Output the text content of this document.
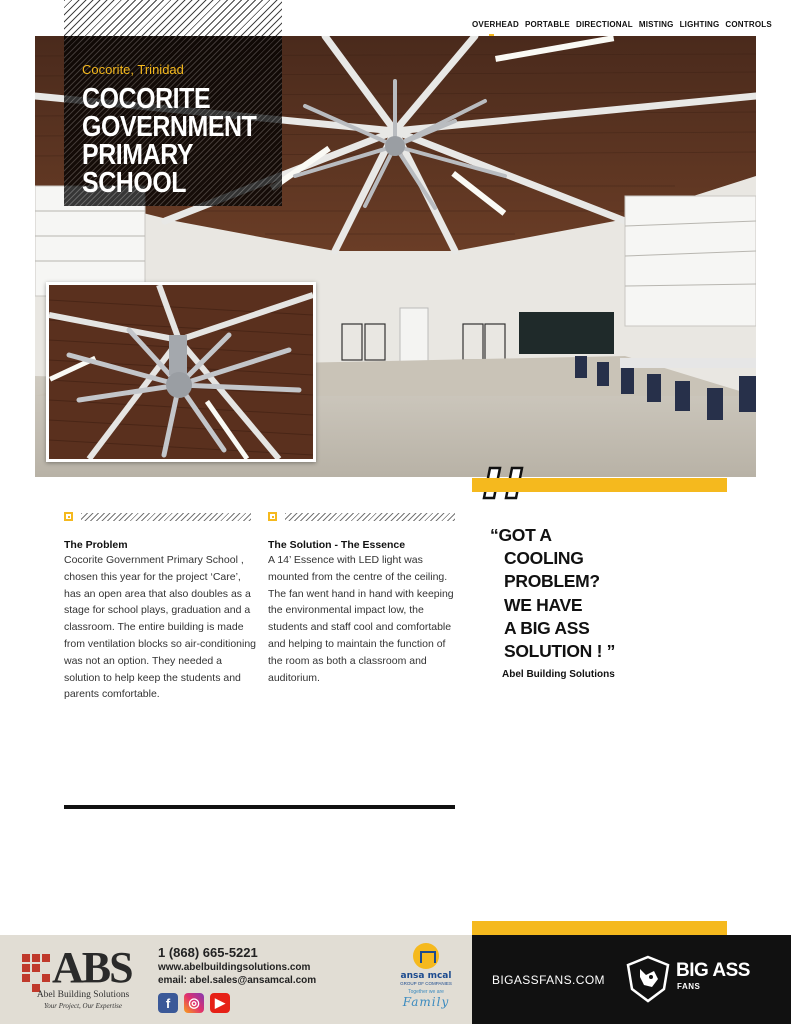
OVERHEAD PORTABLE DIRECTIONAL MISTING LIGHTING CONTROLS
Cocorite, Trinidad
COCORITE
GOVERNMENT
PRIMARY
SCHOOL
The Problem

Cocorite Government Primary School , chosen this year for the project ‘Care’, has an open area that also doubles as a stage for school plays, graduation and a classroom. The entire building is made from ventilation blocks so air-conditioning was not an option. They needed a solution to help keep the students and parents comfortable.

The Solution - The Essence

A 14’ Essence with LED light was mounted from the centre of the ceiling. The fan went hand in hand with keeping the environmental impact low, the students and staff cool and comfortable and helping to maintain the function of the room as both a classroom and auditorium.

“GOT A
COOLING
PROBLEM?
WE HAVE
A BIG ASS
SOLUTION ! ”
Abel Building Solutions
ABS
Abel Building Solutions
Your Project, Our Expertise
1 (868) 665-5221
www.abelbuildingsolutions.com
email: abel.sales@ansamcal.com
f	◎	▶
ansa mcal
GROUP OF COMPANIES
Together we are
Family
BIGASSFANS.COM	BIG ASS
FANS
